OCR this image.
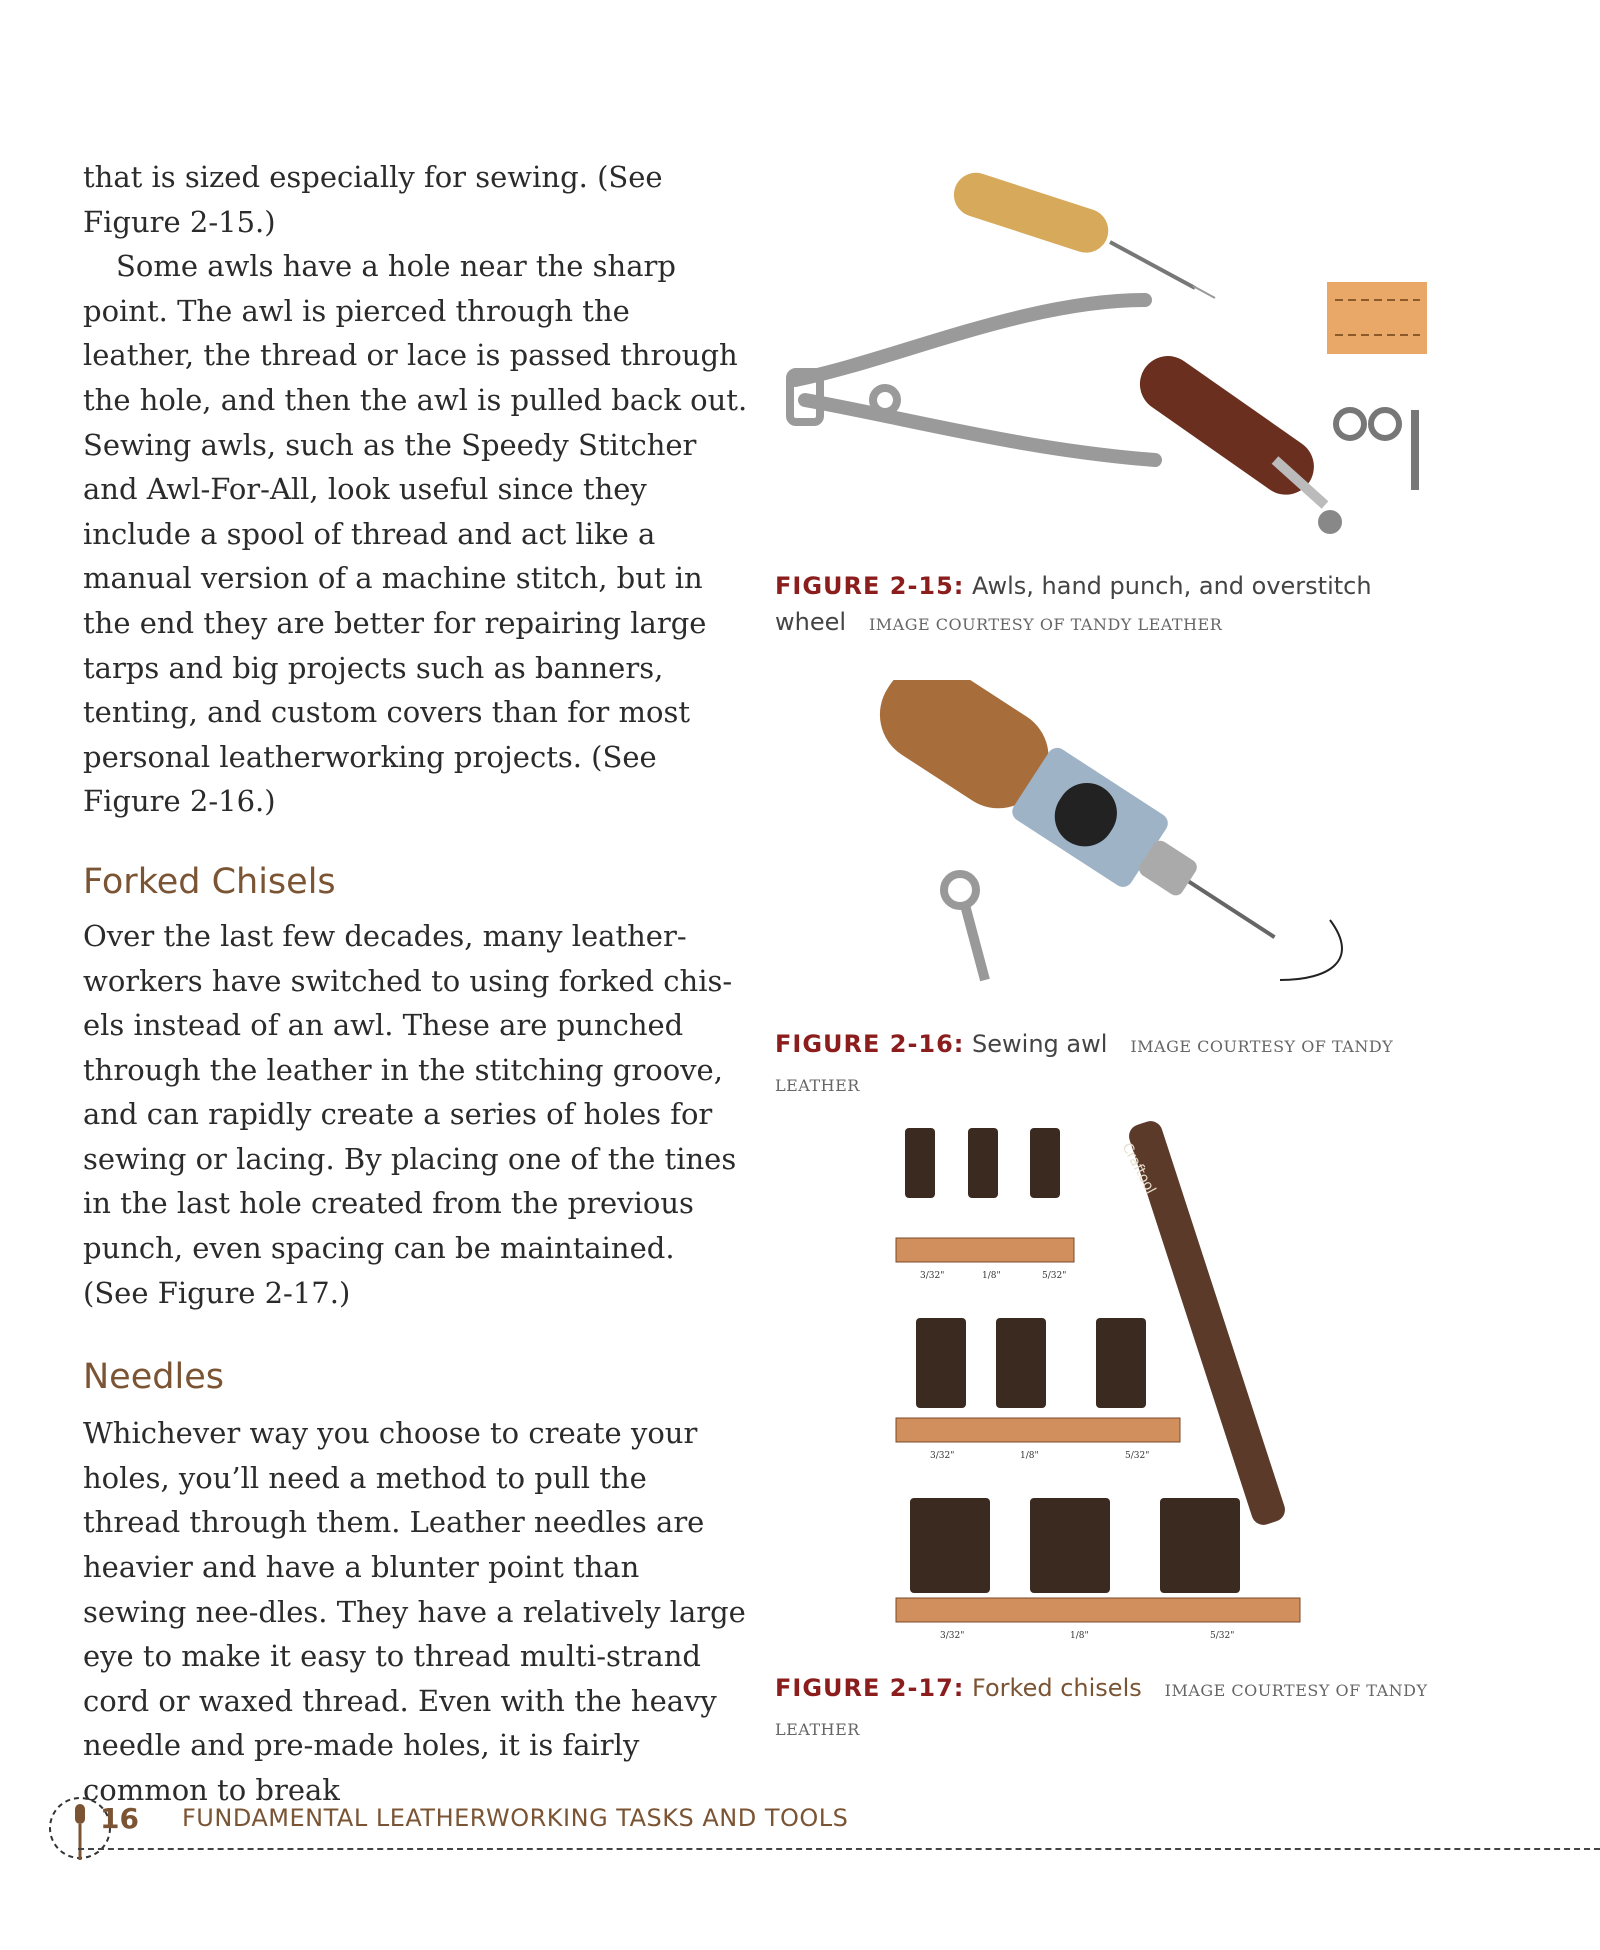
that is sized especially for sewing. (See Figure 2-15.)

Some awls have a hole near the sharp point. The awl is pierced through the leather, the thread or lace is passed through the hole, and then the awl is pulled back out. Sewing awls, such as the Speedy Stitcher and Awl-For-All, look useful since they include a spool of thread and act like a manual version of a machine stitch, but in the end they are better for repairing large tarps and big projects such as banners, tenting, and custom covers than for most personal leatherworking projects. (See Figure 2-16.)

Forked Chisels

Over the last few decades, many leather-workers have switched to using forked chis-els instead of an awl. These are punched through the leather in the stitching groove, and can rapidly create a series of holes for sewing or lacing. By placing one of the tines in the last hole created from the previous punch, even spacing can be maintained. (See Figure 2-17.)

Needles

Whichever way you choose to create your holes, you’ll need a method to pull the thread through them. Leather needles are heavier and have a blunter point than sewing nee-dles. They have a relatively large eye to make it easy to thread multi-strand cord or waxed thread. Even with the heavy needle and pre-made holes, it is fairly common to break

FIGURE 2-15: Awls, hand punch, and overstitch wheel IMAGE COURTESY OF TANDY LEATHER
FIGURE 2-16: Sewing awl IMAGE COURTESY OF TANDY LEATHER
Craftool
3/32"	1/8"	5/32"
3/32"	1/8"	5/32"
3/32"	1/8"	5/32"
FIGURE 2-17: Forked chisels IMAGE COURTESY OF TANDY LEATHER
16 FUNDAMENTAL LEATHERWORKING TASKS AND TOOLS
